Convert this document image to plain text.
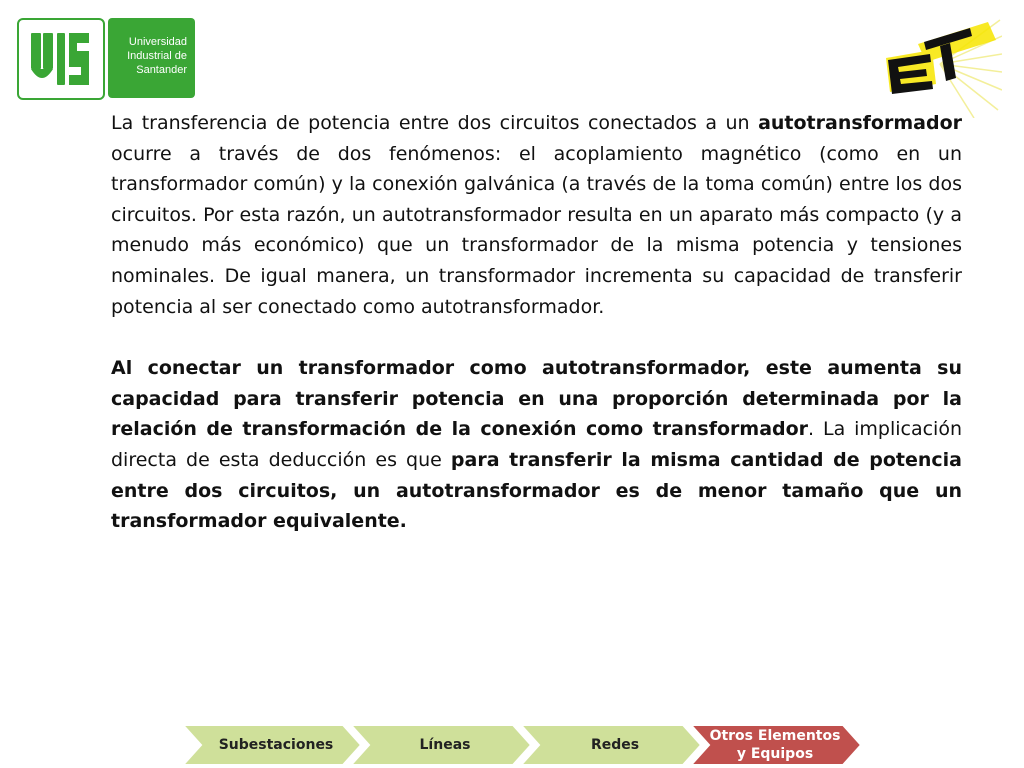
Universidad
Industrial de
Santander

La transferencia de potencia entre dos circuitos conectados a un autotransformador ocurre a través de dos fenómenos: el acoplamiento magnético (como en un transformador común) y la conexión galvánica (a través de la toma común) entre los dos circuitos. Por esta razón, un autotransformador resulta en un aparato más compacto (y a menudo más económico) que un transformador de la misma potencia y tensiones nominales. De igual manera, un transformador incrementa su capacidad de transferir potencia al ser conectado como autotransformador.

Al conectar un transformador como autotransformador, este aumenta su capacidad para transferir potencia en una proporción determinada por la relación de transformación de la conexión como transformador. La implicación directa de esta deducción es que para transferir la misma cantidad de potencia entre dos circuitos, un autotransformador es de menor tamaño que un transformador equivalente.

Subestaciones	Líneas	Redes
Otros Elementos y Equipos
